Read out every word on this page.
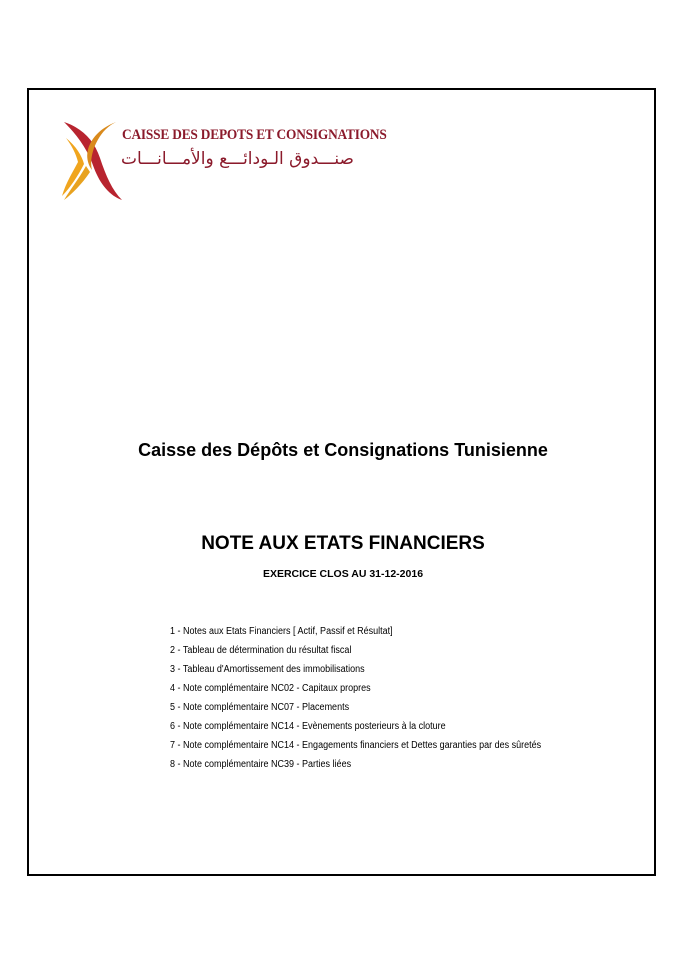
CAISSE DES DEPOTS ET CONSIGNATIONS
صنـــدوق الـودائـــع والأمـــانـــات
Caisse des Dépôts et Consignations Tunisienne
NOTE AUX ETATS FINANCIERS
EXERCICE CLOS AU 31-12-2016
1 - Notes aux Etats Financiers [ Actif, Passif et Résultat]
2 - Tableau de détermination du résultat fiscal
3 - Tableau d'Amortissement des immobilisations
4 - Note complémentaire NC02 - Capitaux propres
5 - Note complémentaire NC07 - Placements
6 - Note complémentaire NC14 - Evènements posterieurs à la cloture
7 - Note complémentaire NC14 - Engagements financiers et Dettes garanties par des sûretés
8 - Note complémentaire NC39 - Parties liées
